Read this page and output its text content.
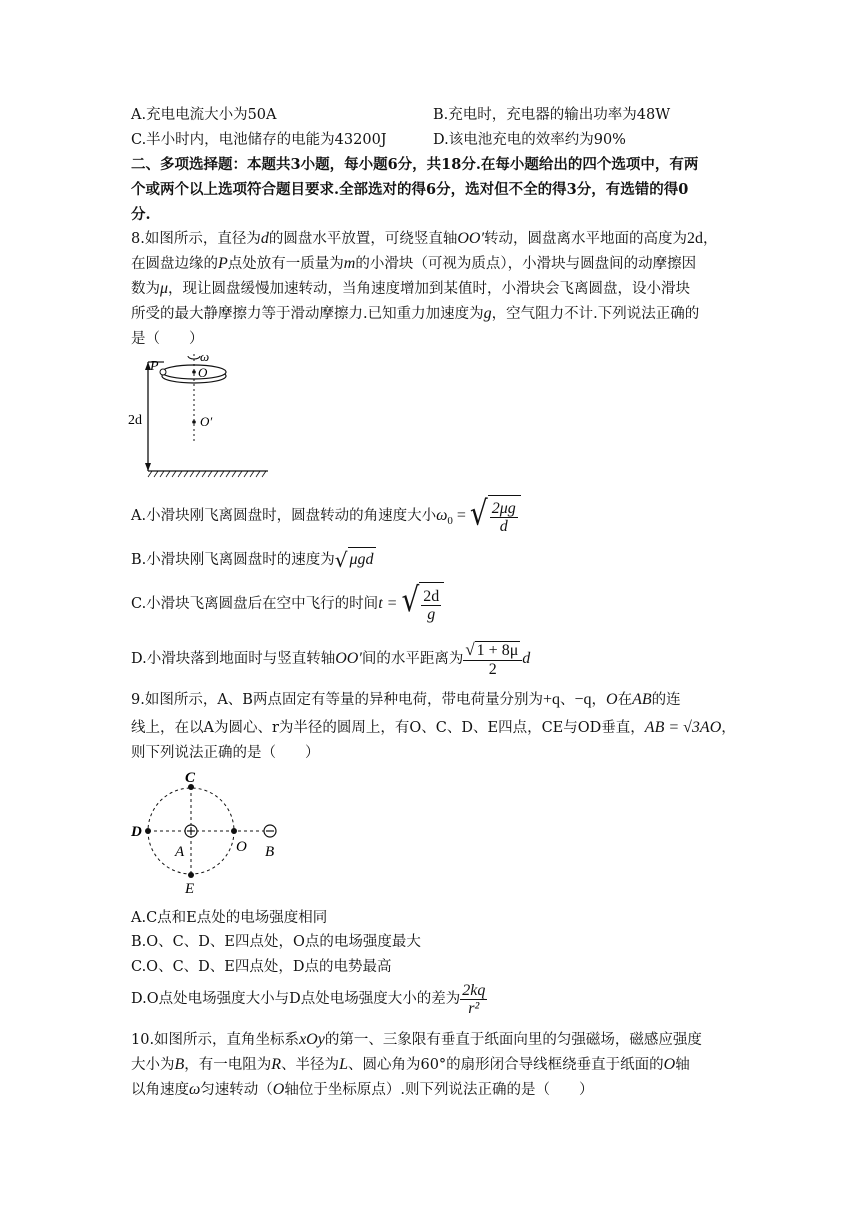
A.充电电流大小为50A	B.充电时，充电器的输出功率为48W
C.半小时内，电池储存的电能为43200J	D.该电池充电的效率约为90%
二、多项选择题：本题共3小题，每小题6分，共18分.在每小题给出的四个选项中，有两
个或两个以上选项符合题目要求.全部选对的得6分，选对但不全的得3分，有选错的得0
分.
8.如图所示，直径为d的圆盘水平放置，可绕竖直轴OO′转动，圆盘离水平地面的高度为2d，
在圆盘边缘的P点处放有一质量为m的小滑块（可视为质点），小滑块与圆盘间的动摩擦因
数为μ，现让圆盘缓慢加速转动，当角速度增加到某值时，小滑块会飞离圆盘，设小滑块
所受的最大静摩擦力等于滑动摩擦力.已知重力加速度为g，空气阻力不计.下列说法正确的
是（　　）
P
ω
O
O′
2d
A.小滑块刚飞离圆盘时，圆盘转动的角速度大小$\omega_0$ = √ $\frac{2\mu g}{d}$
B.小滑块刚飞离圆盘时的速度为 √ μgd
C.小滑块飞离圆盘后在空中飞行的时间t = √ $\frac{2d}{g}$
D.小滑块落到地面时与竖直转轴OO′间的水平距离为 $\frac{√ 1 + 8\mu}{2}$ d
9.如图所示，A、B两点固定有等量的异种电荷，带电荷量分别为+q、−q，O在AB的连
线上，在以A为圆心、r为半径的圆周上，有O、C、D、E四点，CE与OD垂直，AB = √3AO，
则下列说法正确的是（　　）
C
D
A	O B
E
A.C点和E点处的电场强度相同
B.O、C、D、E四点处，O点的电场强度最大
C.O、C、D、E四点处，D点的电势最高
D.O点处电场强度大小与D点处电场强度大小的差为 $\frac{2kq}{\text{r²}}$
10.如图所示，直角坐标系xOy的第一、三象限有垂直于纸面向里的匀强磁场，磁感应强度
大小为B，有一电阻为R、半径为L、圆心角为60°的扇形闭合导线框绕垂直于纸面的O轴
以角速度ω匀速转动（O轴位于坐标原点）.则下列说法正确的是（　　）
